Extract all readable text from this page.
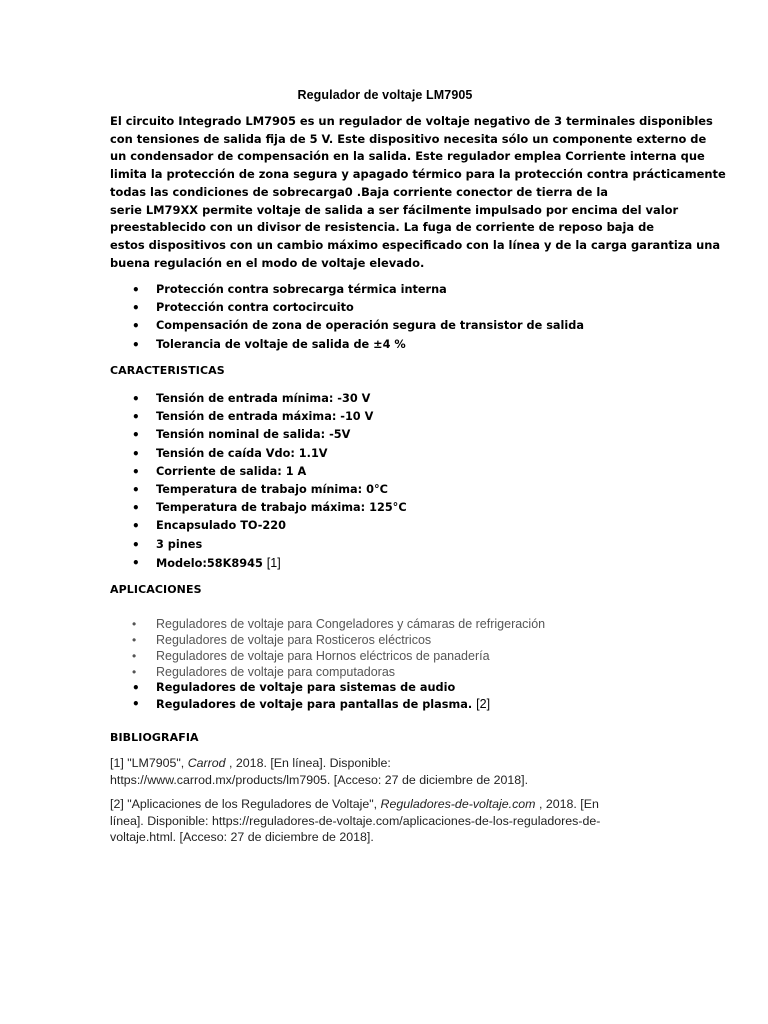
Regulador de voltaje LM7905
El circuito Integrado LM7905 es un regulador de voltaje negativo de 3 terminales disponibles
con tensiones de salida fija de 5 V. Este dispositivo necesita sólo un componente externo de
un condensador de compensación en la salida. Este regulador emplea Corriente interna que
limita la protección de zona segura y apagado térmico para la protección contra prácticamente
todas las condiciones de sobrecarga0 .Baja corriente conector de tierra de la
serie LM79XX permite voltaje de salida a ser fácilmente impulsado por encima del valor
preestablecido con un divisor de resistencia. La fuga de corriente de reposo baja de
estos dispositivos con un cambio máximo especificado con la línea y de la carga garantiza una
buena regulación en el modo de voltaje elevado.
• Protección contra sobrecarga térmica interna
• Protección contra cortocircuito
• Compensación de zona de operación segura de transistor de salida
• Tolerancia de voltaje de salida de ±4 %
CARACTERISTICAS
• Tensión de entrada mínima: -30 V
• Tensión de entrada máxima: -10 V
• Tensión nominal de salida: -5V
• Tensión de caída Vdo: 1.1V
• Corriente de salida: 1 A
• Temperatura de trabajo mínima: 0°C
• Temperatura de trabajo máxima: 125°C
• Encapsulado TO-220
• 3 pines
• Modelo:58K8945 [1]
APLICACIONES
• Reguladores de voltaje para Congeladores y cámaras de refrigeración
• Reguladores de voltaje para Rosticeros eléctricos
• Reguladores de voltaje para Hornos eléctricos de panadería
• Reguladores de voltaje para computadoras
• Reguladores de voltaje para sistemas de audio
• Reguladores de voltaje para pantallas de plasma. [2]
BIBLIOGRAFIA
[1] "LM7905", Carrod , 2018. [En línea]. Disponible:
https://www.carrod.mx/products/lm7905. [Acceso: 27 de diciembre de 2018].
[2] "Aplicaciones de los Reguladores de Voltaje", Reguladores-de-voltaje.com , 2018. [En
línea]. Disponible: https://reguladores-de-voltaje.com/aplicaciones-de-los-reguladores-de-
voltaje.html. [Acceso: 27 de diciembre de 2018].
